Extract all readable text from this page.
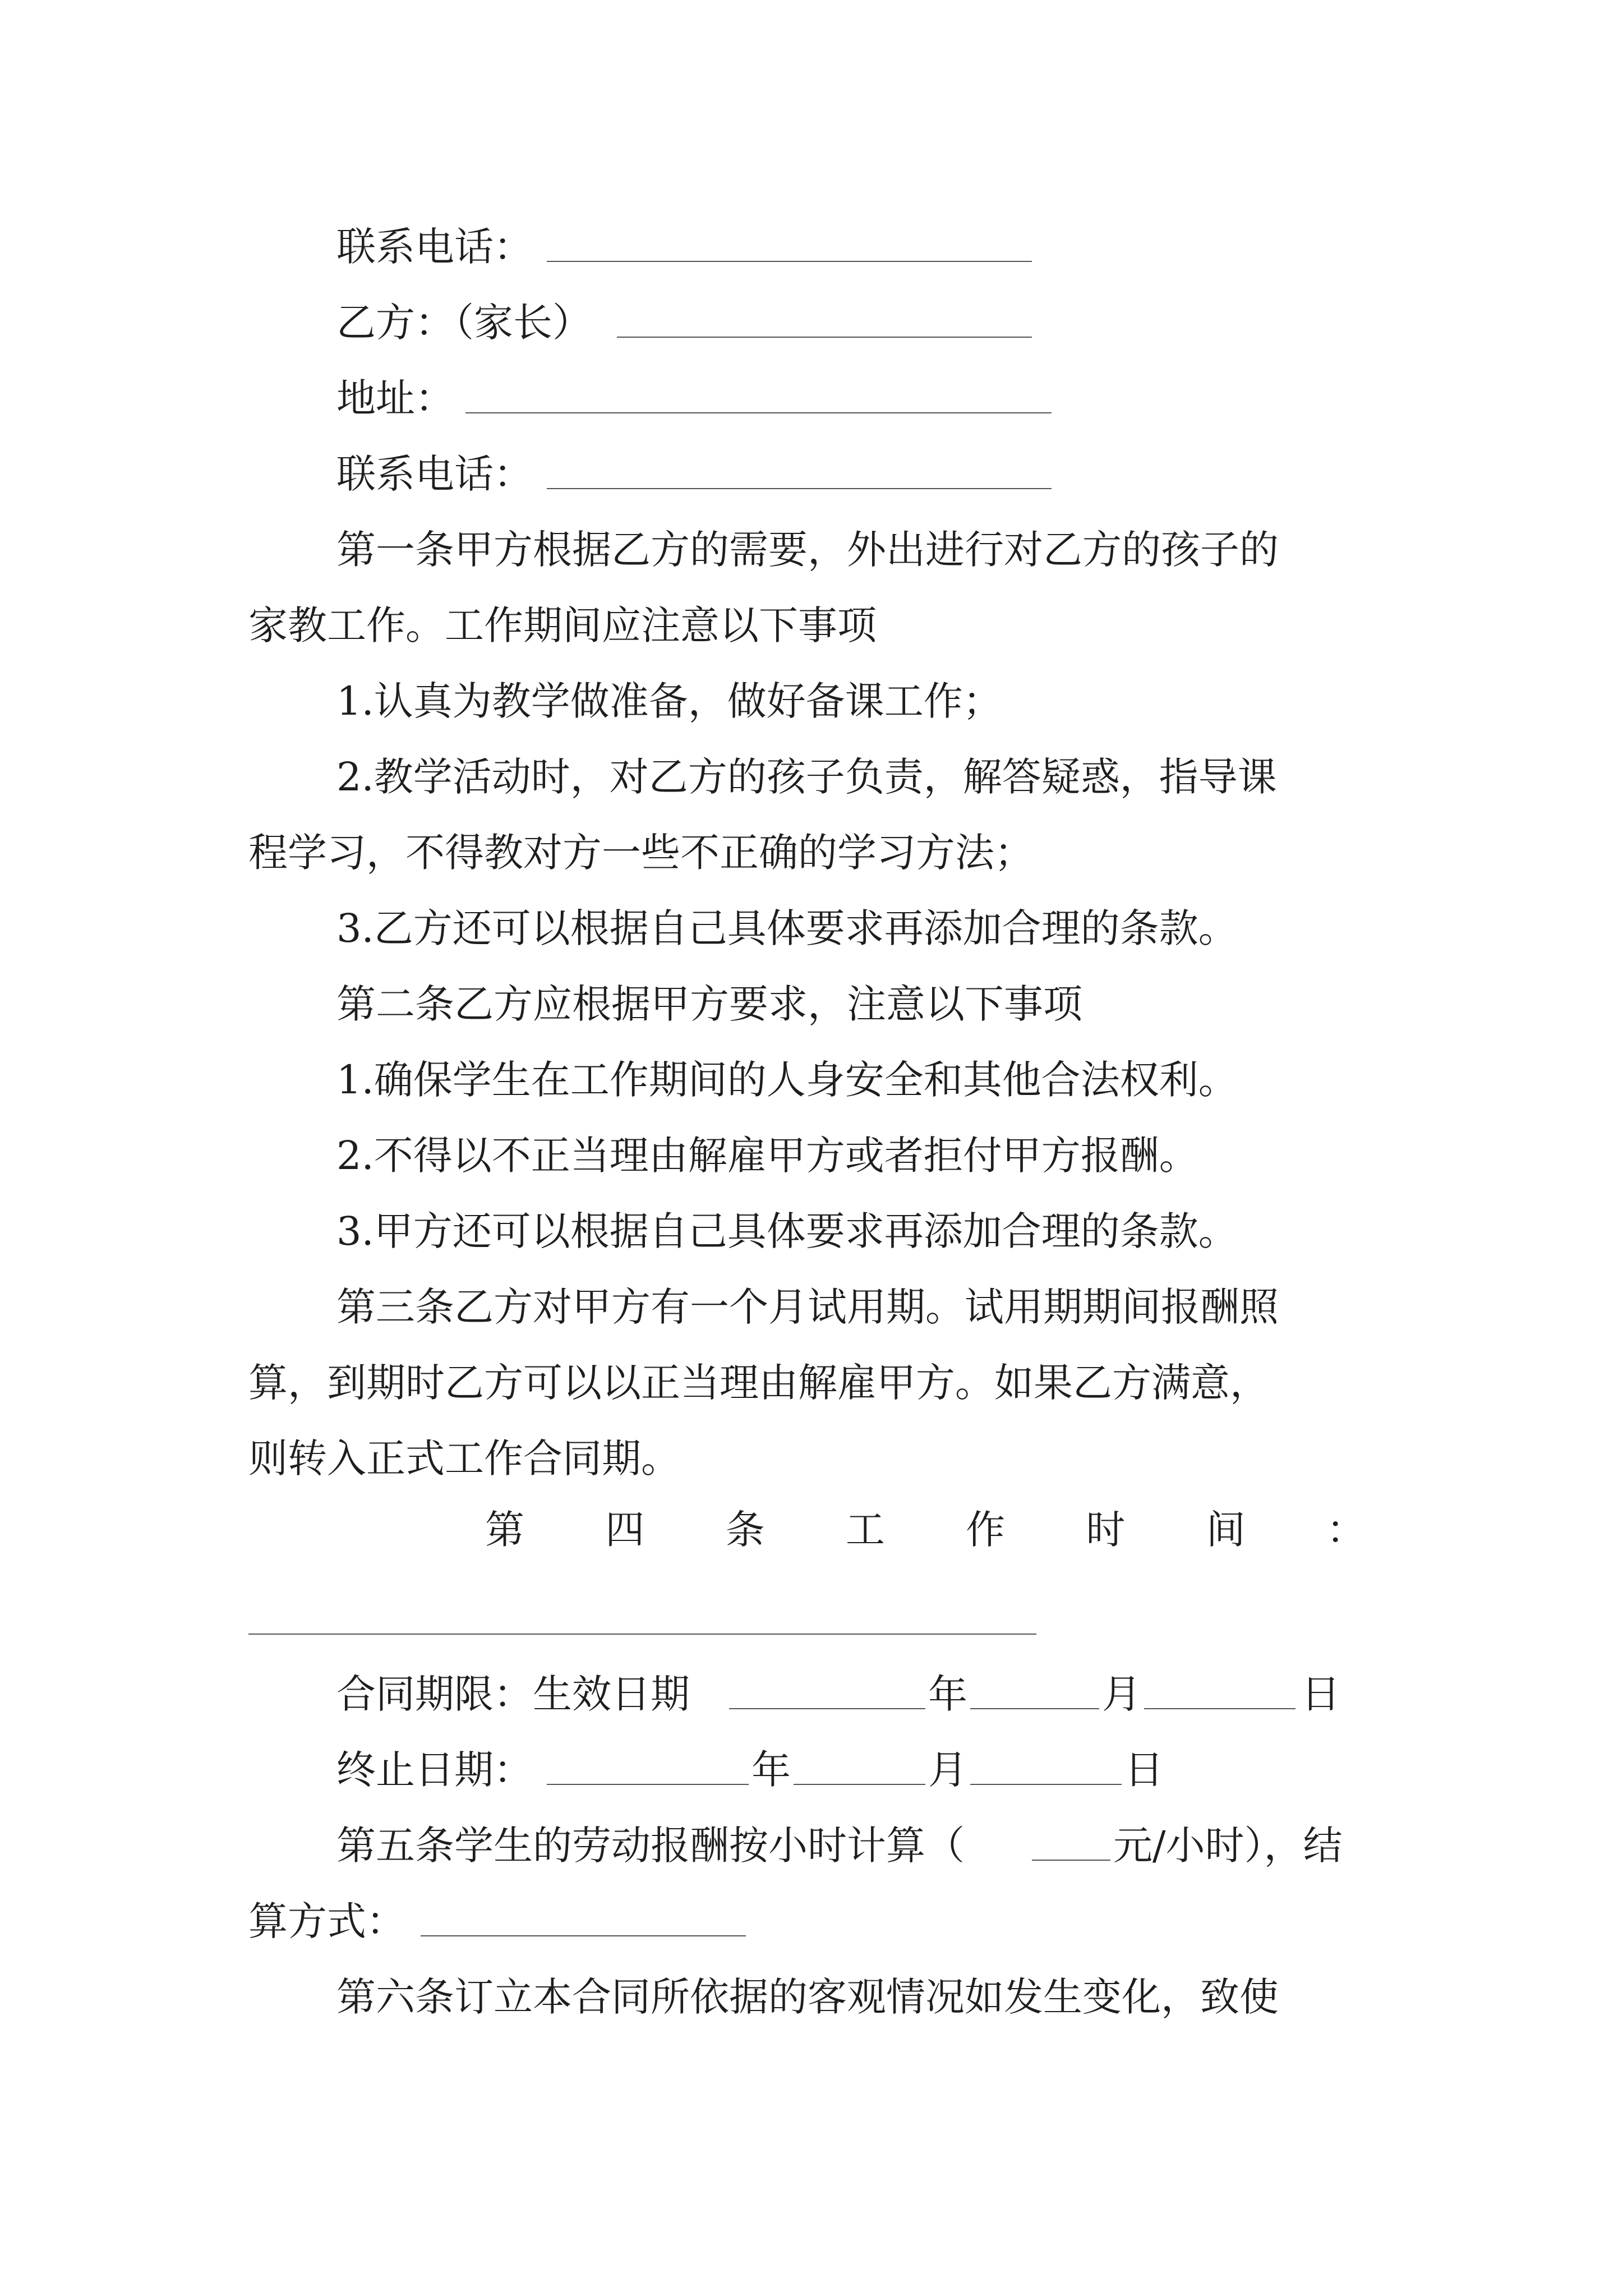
联系电话：
乙方：（家长）
地址：
联系电话：
第一条甲方根据乙方的需要，外出进行对乙方的孩子的
家教工作。工作期间应注意以下事项
1.认真为教学做准备，做好备课工作；
2.教学活动时，对乙方的孩子负责，解答疑惑，指导课
程学习，不得教对方一些不正确的学习方法；
3.乙方还可以根据自己具体要求再添加合理的条款。
第二条乙方应根据甲方要求，注意以下事项
1.确保学生在工作期间的人身安全和其他合法权利。
2.不得以不正当理由解雇甲方或者拒付甲方报酬。
3.甲方还可以根据自己具体要求再添加合理的条款。
第三条乙方对甲方有一个月试用期。试用期期间报酬照
算，到期时乙方可以以正当理由解雇甲方。如果乙方满意，
则转入正式工作合同期。
第 四 条 工 作 时 间 ：
合同期限：生效日期	年	月	日
终止日期：	年	月	日
第五条学生的劳动报酬按小时计算（	元/小时），结
算方式：
第六条订立本合同所依据的客观情况如发生变化，致使
